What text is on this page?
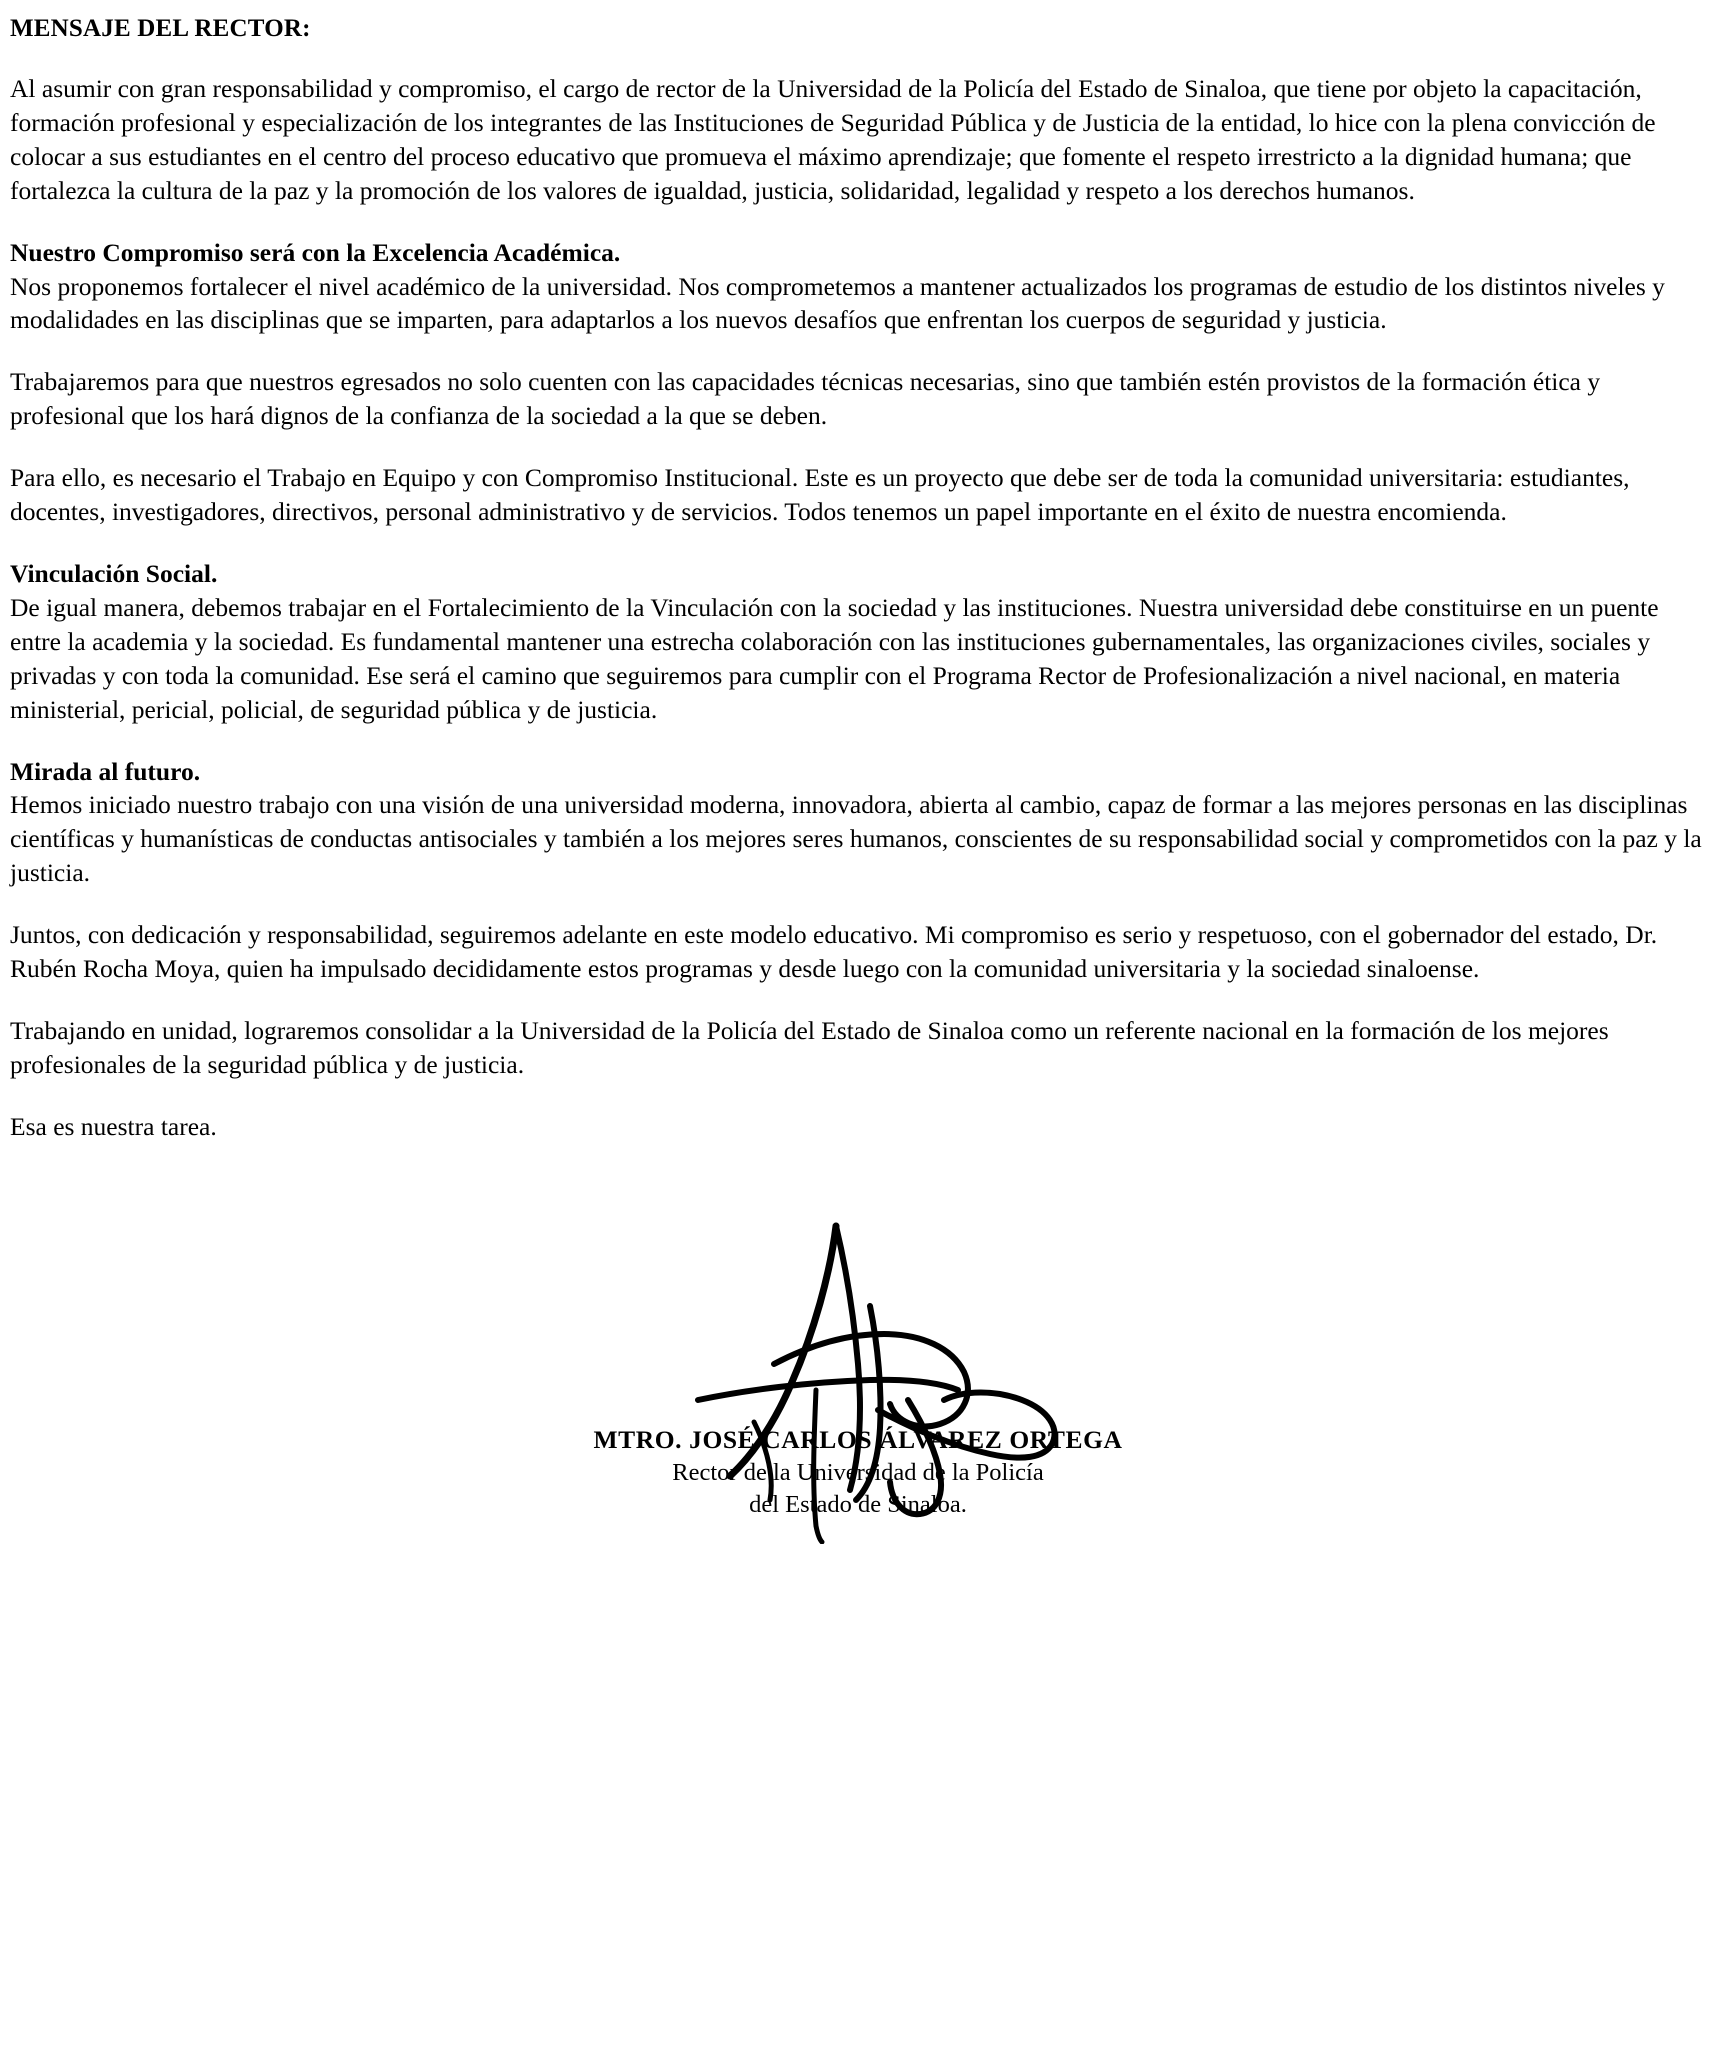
MENSAJE DEL RECTOR:

Al asumir con gran responsabilidad y compromiso, el cargo de rector de la Universidad de la Policía del Estado de Sinaloa, que tiene por objeto la capacitación, formación profesional y especialización de los integrantes de las Instituciones de Seguridad Pública y de Justicia de la entidad, lo hice con la plena convicción de colocar a sus estudiantes en el centro del proceso educativo que promueva el máximo aprendizaje; que fomente el respeto irrestricto a la dignidad humana; que fortalezca la cultura de la paz y la promoción de los valores de igualdad, justicia, solidaridad, legalidad y respeto a los derechos humanos.

Nuestro Compromiso será con la Excelencia Académica.

Nos proponemos fortalecer el nivel académico de la universidad. Nos comprometemos a mantener actualizados los programas de estudio de los distintos niveles y modalidades en las disciplinas que se imparten, para adaptarlos a los nuevos desafíos que enfrentan los cuerpos de seguridad y justicia.

Trabajaremos para que nuestros egresados no solo cuenten con las capacidades técnicas necesarias, sino que también estén provistos de la formación ética y profesional que los hará dignos de la confianza de la sociedad a la que se deben.

Para ello, es necesario el Trabajo en Equipo y con Compromiso Institucional. Este es un proyecto que debe ser de toda la comunidad universitaria: estudiantes, docentes, investigadores, directivos, personal administrativo y de servicios. Todos tenemos un papel importante en el éxito de nuestra encomienda.

Vinculación Social.

De igual manera, debemos trabajar en el Fortalecimiento de la Vinculación con la sociedad y las instituciones. Nuestra universidad debe constituirse en un puente entre la academia y la sociedad. Es fundamental mantener una estrecha colaboración con las instituciones gubernamentales, las organizaciones civiles, sociales y privadas y con toda la comunidad. Ese será el camino que seguiremos para cumplir con el Programa Rector de Profesionalización a nivel nacional, en materia ministerial, pericial, policial, de seguridad pública y de justicia.

Mirada al futuro.

Hemos iniciado nuestro trabajo con una visión de una universidad moderna, innovadora, abierta al cambio, capaz de formar a las mejores personas en las disciplinas científicas y humanísticas de conductas antisociales y también a los mejores seres humanos, conscientes de su responsabilidad social y comprometidos con la paz y la justicia.

Juntos, con dedicación y responsabilidad, seguiremos adelante en este modelo educativo. Mi compromiso es serio y respetuoso, con el gobernador del estado, Dr. Rubén Rocha Moya, quien ha impulsado decididamente estos programas y desde luego con la comunidad universitaria y la sociedad sinaloense.

Trabajando en unidad, lograremos consolidar a la Universidad de la Policía del Estado de Sinaloa como un referente nacional en la formación de los mejores profesionales de la seguridad pública y de justicia.

Esa es nuestra tarea.

MTRO. JOSÉ CARLOS ÁLVAREZ ORTEGA

Rector de la Universidad de la Policía

del Estado de Sinaloa.
